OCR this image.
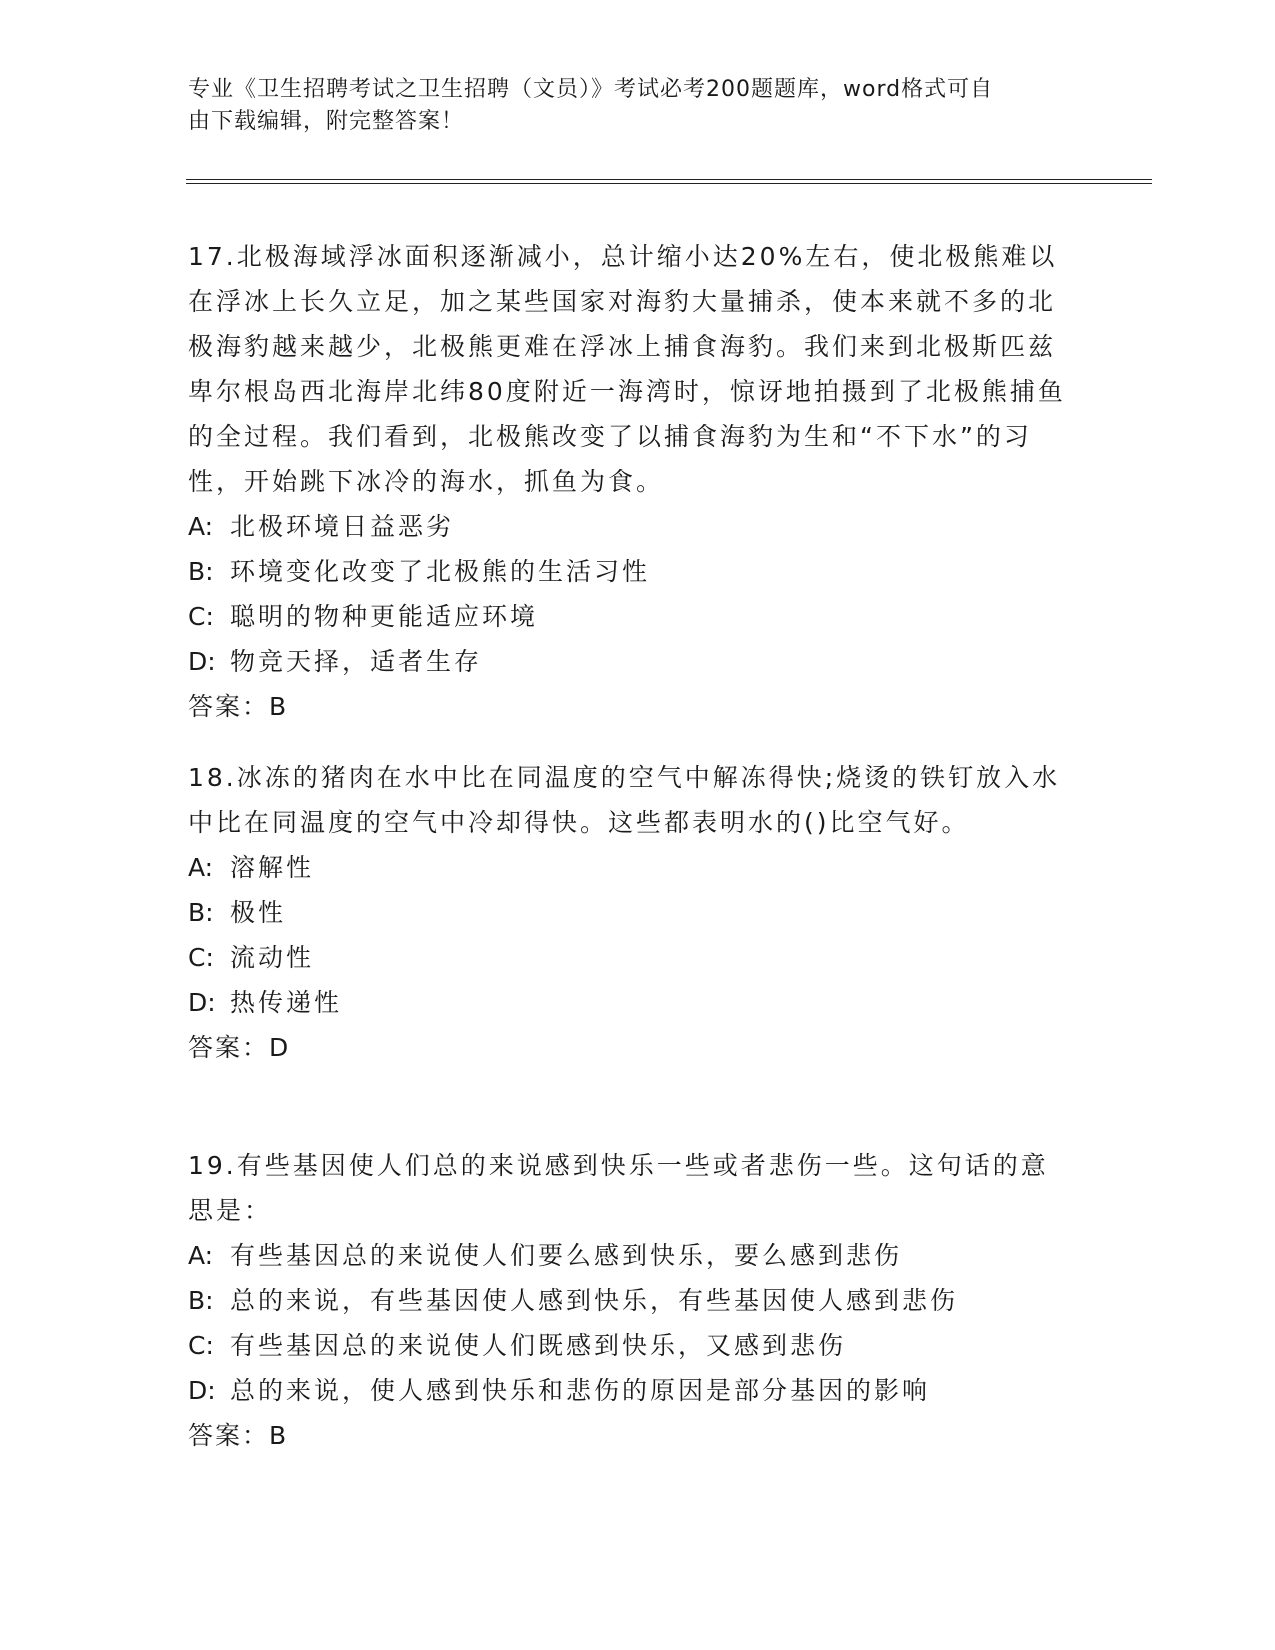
专业《卫生招聘考试之卫生招聘（文员）》考试必考200题题库，word格式可自
由下载编辑，附完整答案！

17.北极海域浮冰面积逐渐减小，总计缩小达20%左右，使北极熊难以在浮冰上长久立足，加之某些国家对海豹大量捕杀，使本来就不多的北极海豹越来越少，北极熊更难在浮冰上捕食海豹。我们来到北极斯匹兹卑尔根岛西北海岸北纬80度附近一海湾时，惊讶地拍摄到了北极熊捕鱼的全过程。我们看到，北极熊改变了以捕食海豹为生和“不下水”的习性，开始跳下冰冷的海水，抓鱼为食。

A: 北极环境日益恶劣

B: 环境变化改变了北极熊的生活习性

C: 聪明的物种更能适应环境

D: 物竞天择，适者生存

答案：B

18.冰冻的猪肉在水中比在同温度的空气中解冻得快;烧烫的铁钉放入水中比在同温度的空气中冷却得快。这些都表明水的()比空气好。

A: 溶解性

B: 极性

C: 流动性

D: 热传递性

答案：D

19.有些基因使人们总的来说感到快乐一些或者悲伤一些。这句话的意思是：

A: 有些基因总的来说使人们要么感到快乐，要么感到悲伤

B: 总的来说，有些基因使人感到快乐，有些基因使人感到悲伤

C: 有些基因总的来说使人们既感到快乐，又感到悲伤

D: 总的来说，使人感到快乐和悲伤的原因是部分基因的影响

答案：B
